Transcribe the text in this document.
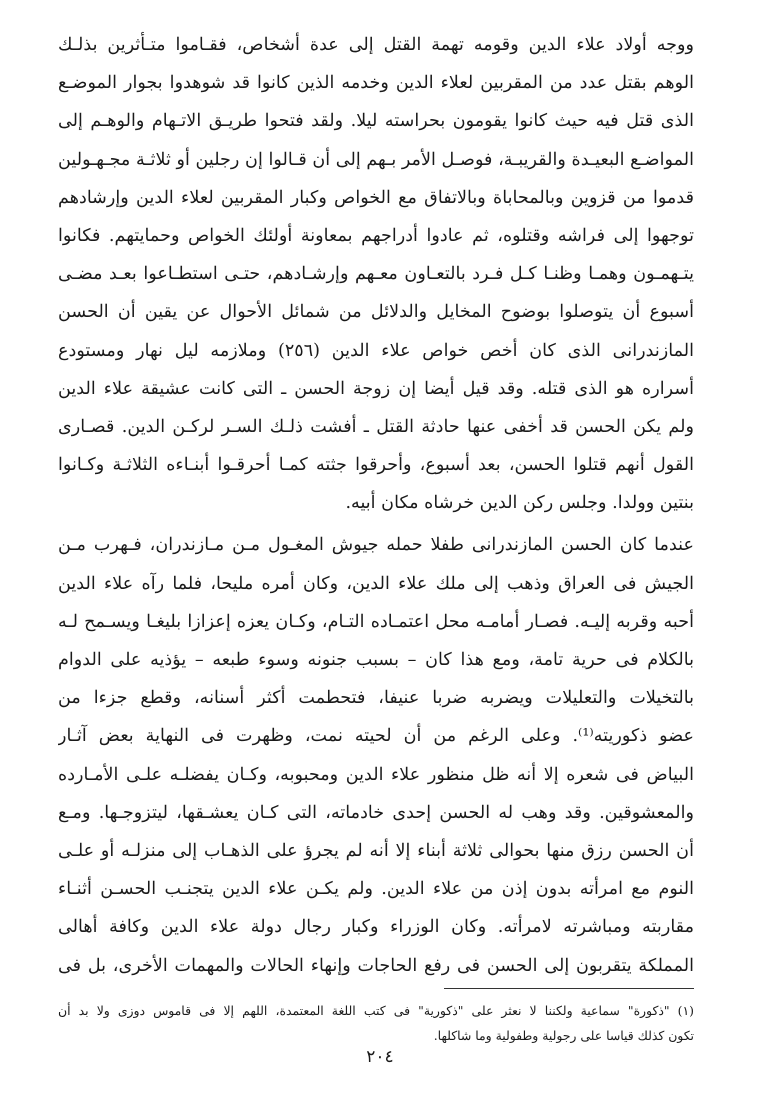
ووجه أولاد علاء الدين وقومه تهمة القتل إلى عدة أشخاص، فقـاموا متـأثرين بذلـك
الوهم بقتل عدد من المقربين لعلاء الدين وخدمه الذين كانوا قد شوهدوا بجوار الموضـع
الذى قتل فيه حيث كانوا يقومون بحراسته ليلا. ولقد فتحوا طريـق الاتـهام والوهـم إلى
المواضـع البعيـدة والقريبـة، فوصـل الأمر بـهم إلى أن قـالوا إن رجلين أو ثلاثـة مجـهـولين
قدموا من قزوين وبالمحاباة وبالاتفاق مع الخواص وكبار المقربين لعلاء الدين وإرشادهم
توجهوا إلى فراشه وقتلوه، ثم عادوا أدراجهم بمعاونة أولئك الخواص وحمايتهم. فكانوا
يتـهمـون وهمـا وظنـا كـل فـرد بالتعـاون معـهم وإرشـادهم، حتـى استطـاعوا بعـد مضـى
أسبوع أن يتوصلوا بوضوح المخايل والدلائل من شمائل الأحوال عن يقين أن الحسن
المازندرانى الذى كان أخص خواص علاء الدين (٢٥٦) وملازمه ليل نهار ومستودع
أسراره هو الذى قتله. وقد قيل أيضا إن زوجة الحسن ـ التى كانت عشيقة علاء الدين
ولم يكن الحسن قد أخفى عنها حادثة القتل ـ أفشت ذلـك السـر لركـن الدين. قصـارى
القول أنهم قتلوا الحسن، بعد أسبوع، وأحرقوا جثته كمـا أحرقـوا أبنـاءه الثلاثـة وكـانوا
بنتين وولدا. وجلس ركن الدين خرشاه مكان أبيه.
عندما كان الحسن المازندرانى طفلا حمله جيوش المغـول مـن مـازندران، فـهرب مـن
الجيش فى العراق وذهب إلى ملك علاء الدين، وكان أمره مليحا، فلما رآه علاء الدين
أحبه وقربه إليـه. فصـار أمامـه محل اعتمـاده التـام، وكـان يعزه إعزازا بليغـا ويسـمح لـه
بالكلام فى حرية تامة، ومع هذا كان – بسبب جنونه وسوء طبعه – يؤذيه على الدوام
بالتخيلات والتعليلات ويضربه ضربا عنيفا، فتحطمت أكثر أسنانه، وقطع جزءا من
عضو ذكوريته⁽¹⁾. وعلى الرغم من أن لحيته نمت، وظهرت فى النهاية بعض آثـار
البياض فى شعره إلا أنه ظل منظور علاء الدين ومحبوبه، وكـان يفضلـه علـى الأمـارده
والمعشوقين. وقد وهب له الحسن إحدى خادماته، التى كـان يعشـقها، ليتزوجـها. ومـع
أن الحسن رزق منها بحوالى ثلاثة أبناء إلا أنه لم يجرؤ على الذهـاب إلى منزلـه أو علـى
النوم مع امرأته بدون إذن من علاء الدين. ولم يكـن علاء الدين يتجنـب الحسـن أثنـاء
مقاربته ومباشرته لامرأته. وكان الوزراء وكبار رجال دولة علاء الدين وكافة أهالى
المملكة يتقربون إلى الحسن فى رفع الحاجات وإنهاء الحالات والمهمات الأخرى، بل فى
(١) "ذكورة" سماعية ولكننا لا نعثر على "ذكورية" فى كتب اللغة المعتمدة، اللهم إلا فى قاموس دوزى ولا بد أن
تكون كذلك قياسا على رجولية وطفولية وما شاكلها.
٢٠٤
